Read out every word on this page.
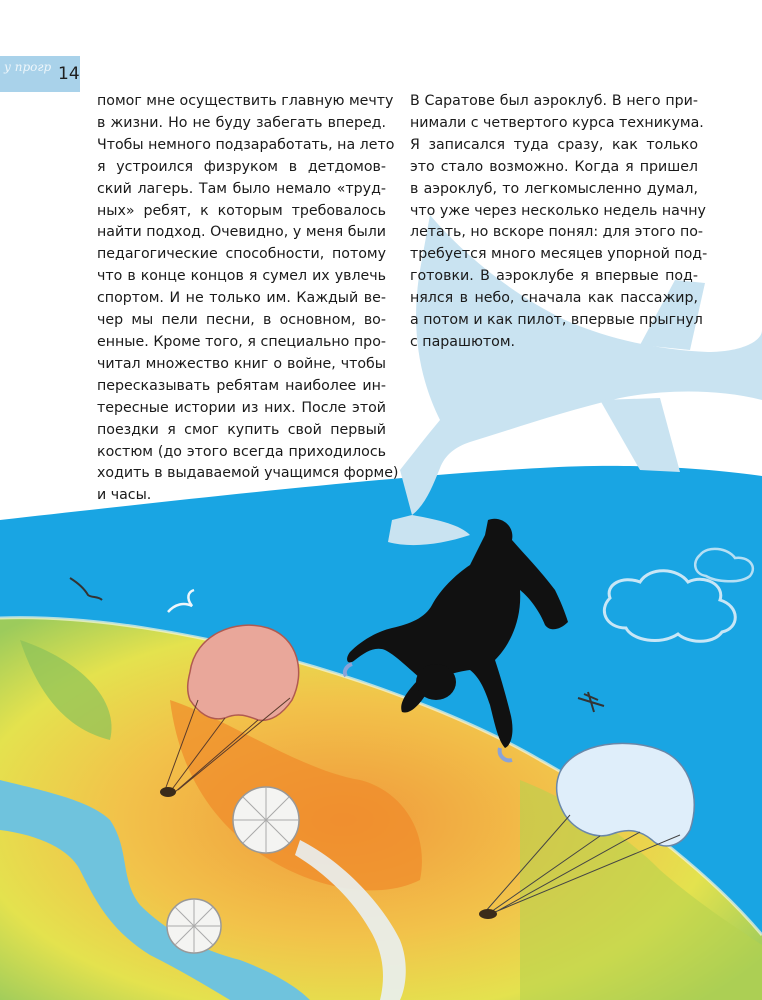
у прогр 14
помог мне осуществить главную мечту
в жизни. Но не буду забегать вперед.
Чтобы немного подзаработать, на лето
я устроился физруком в детдомов-
ский лагерь. Там было немало «труд-
ных» ребят, к которым требовалось
найти подход. Очевидно, у меня были
педагогические способности, потому
что в конце концов я сумел их увлечь
спортом. И не только им. Каждый ве-
чер мы пели песни, в основном, во-
енные. Кроме того, я специально про-
читал множество книг о войне, чтобы
пересказывать ребятам наиболее ин-
тересные истории из них. После этой
поездки я смог купить свой первый
костюм (до этого всегда приходилось
ходить в выдаваемой учащимся форме)
и часы.
В Саратове был аэроклуб. В него при-
нимали с четвертого курса техникума.
Я записался туда сразу, как только
это стало возможно. Когда я пришел
в аэроклуб, то легкомысленно думал,
что уже через несколько недель начну
летать, но вскоре понял: для этого по-
требуется много месяцев упорной под-
готовки. В аэроклубе я впервые под-
нялся в небо, сначала как пассажир,
а потом и как пилот, впервые прыгнул
с парашютом.
